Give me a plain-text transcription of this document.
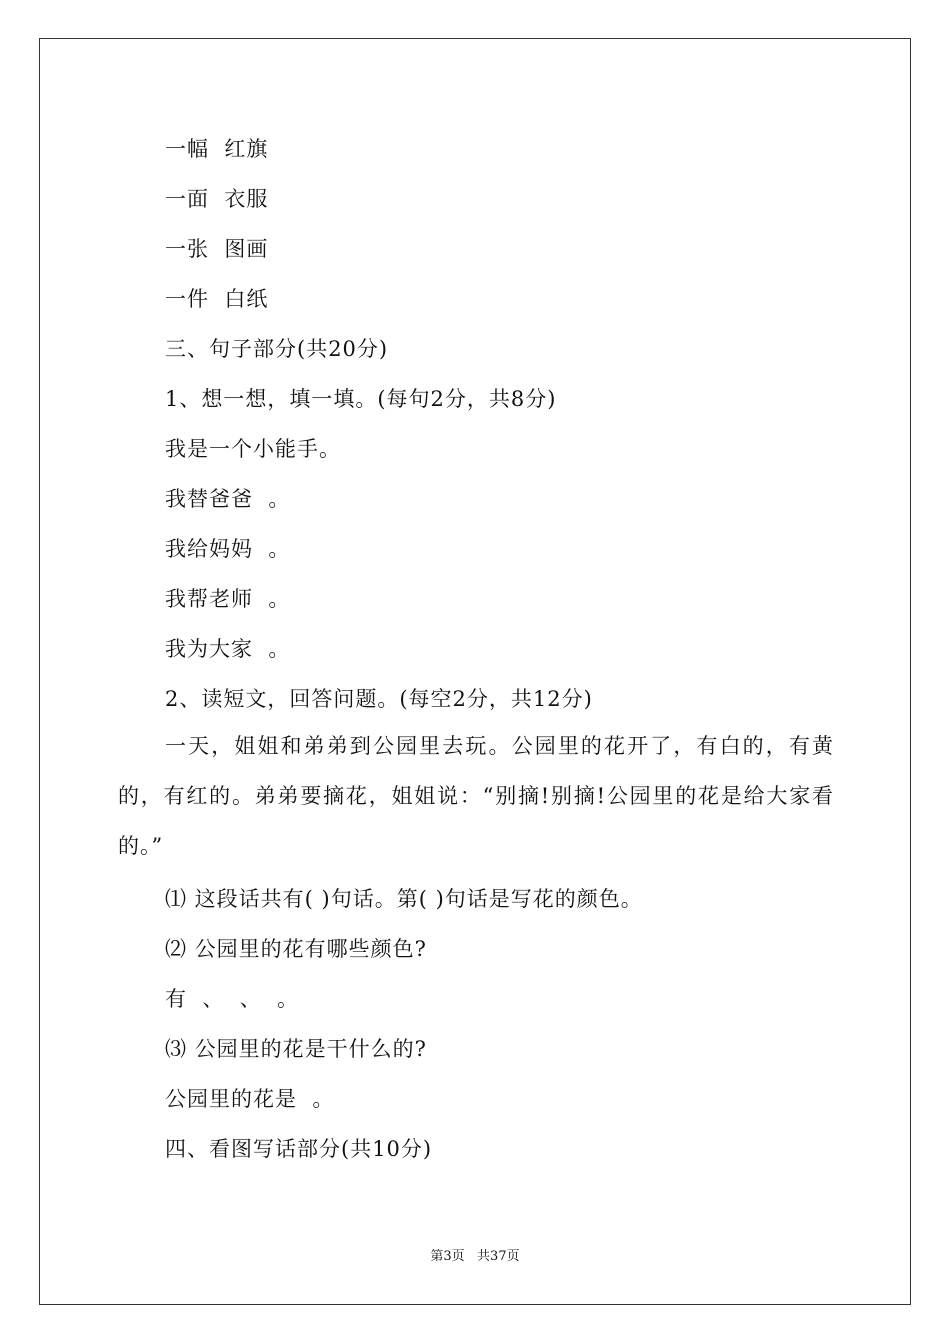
一幅  红旗
一面  衣服
一张  图画
一件  白纸
三、句子部分(共20分)
1、想一想，填一填。(每句2分，共8分)
我是一个小能手。
我替爸爸  。
我给妈妈  。
我帮老师  。
我为大家  。
2、读短文，回答问题。(每空2分，共12分)
一天，姐姐和弟弟到公园里去玩。公园里的花开了，有白的，有黄的，有红的。弟弟要摘花，姐姐说：“别摘!别摘!公园里的花是给大家看的。”
⑴ 这段话共有( )句话。第( )句话是写花的颜色。
⑵ 公园里的花有哪些颜色?
有  、  、  。
⑶ 公园里的花是干什么的?
公园里的花是  。
四、看图写话部分(共10分)
第3页   共37页
